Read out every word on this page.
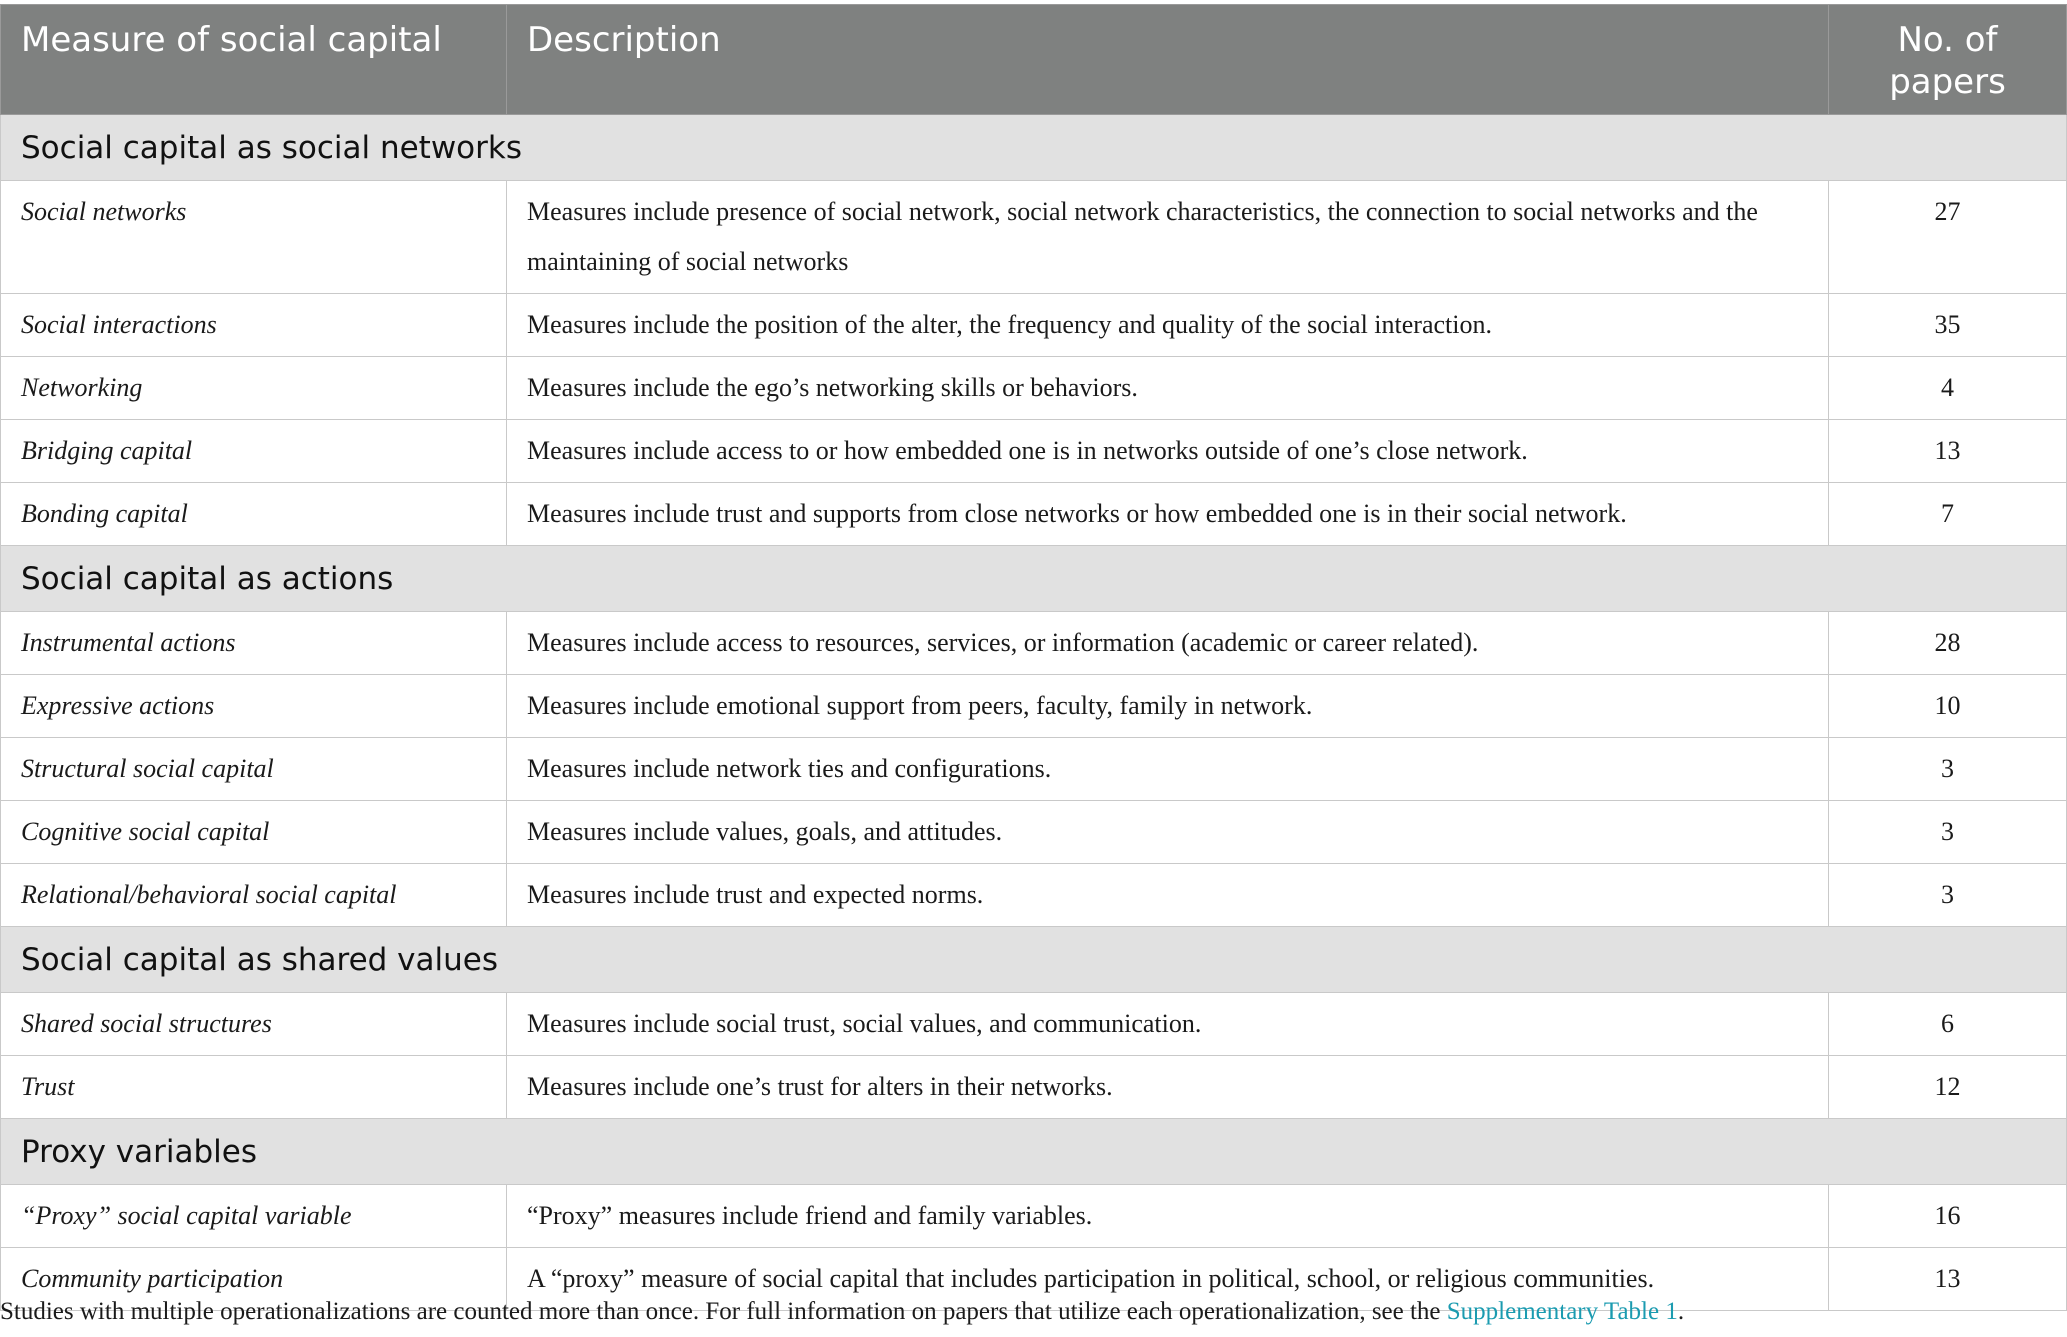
Measure of social capital	Description	No. of papers
Social capital as social networks		
Social networks	Measures include presence of social network, social network characteristics, the connection to social networks and the maintaining of social networks	27
Social interactions	Measures include the position of the alter, the frequency and quality of the social interaction.	35
Networking	Measures include the ego’s networking skills or behaviors.	4
Bridging capital	Measures include access to or how embedded one is in networks outside of one’s close network.	13
Bonding capital	Measures include trust and supports from close networks or how embedded one is in their social network.	7
Social capital as actions		
Instrumental actions	Measures include access to resources, services, or information (academic or career related).	28
Expressive actions	Measures include emotional support from peers, faculty, family in network.	10
Structural social capital	Measures include network ties and configurations.	3
Cognitive social capital	Measures include values, goals, and attitudes.	3
Relational/behavioral social capital	Measures include trust and expected norms.	3
Social capital as shared values		
Shared social structures	Measures include social trust, social values, and communication.	6
Trust	Measures include one’s trust for alters in their networks.	12
Proxy variables		
“Proxy” social capital variable	“Proxy” measures include friend and family variables.	16
Community participation	A “proxy” measure of social capital that includes participation in political, school, or religious communities.	13
Studies with multiple operationalizations are counted more than once. For full information on papers that utilize each operationalization, see the Supplementary Table 1.
